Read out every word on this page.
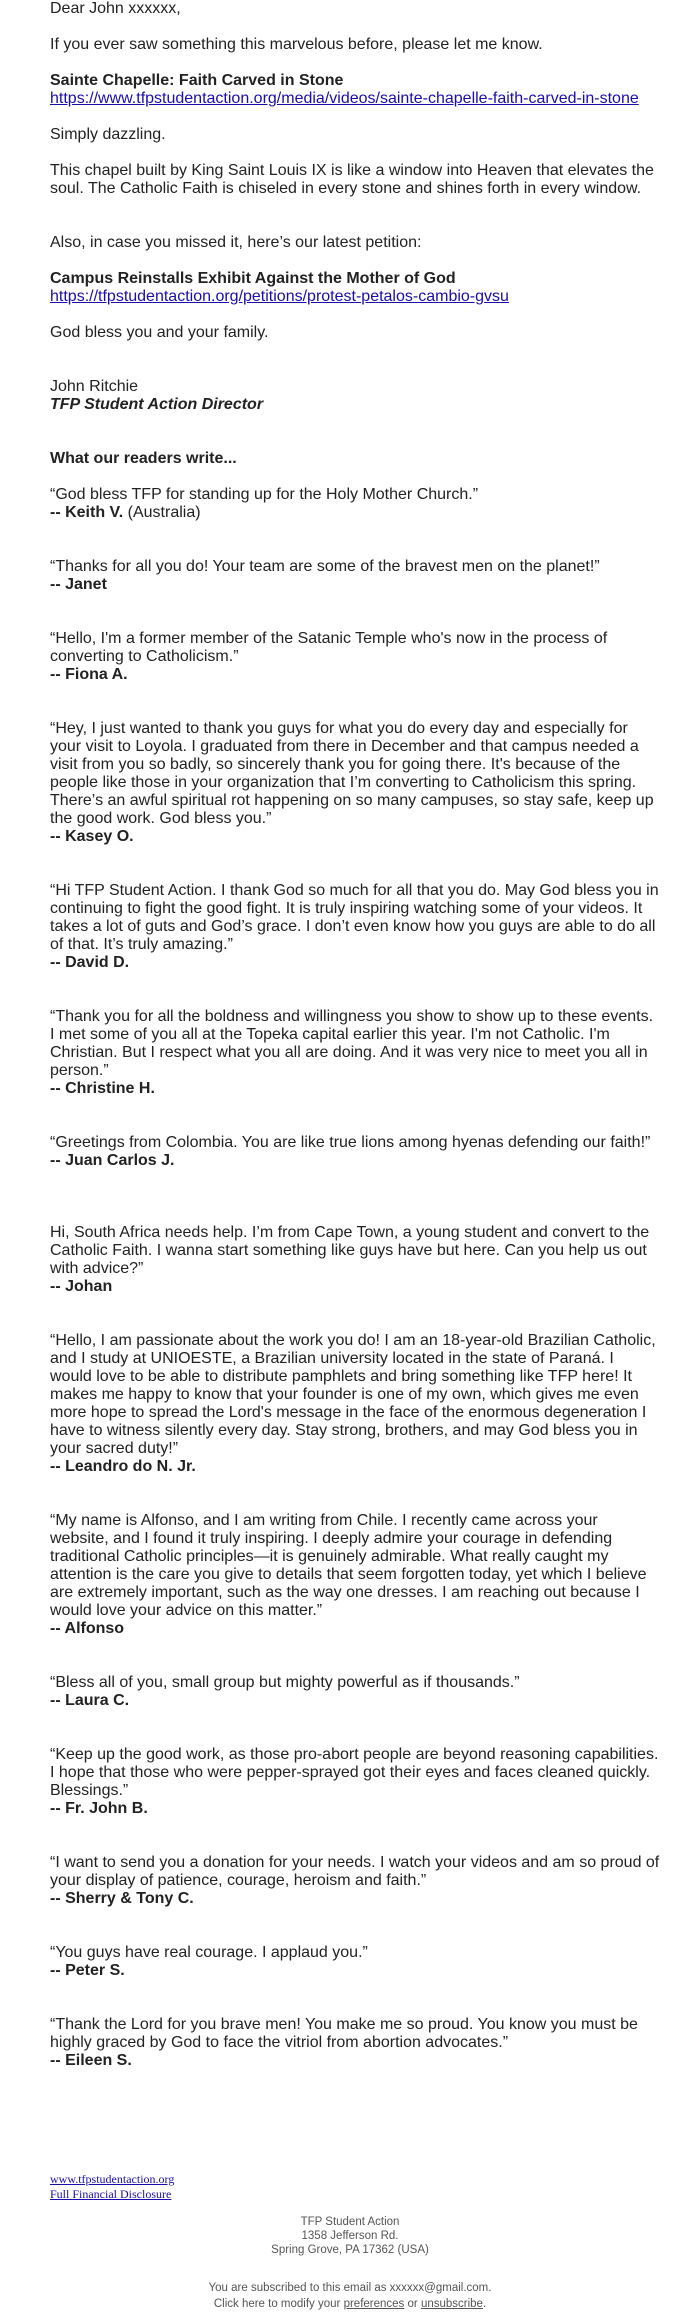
Dear John xxxxxx,

If you ever saw something this marvelous before, please let me know.

Sainte Chapelle: Faith Carved in Stone

https://www.tfpstudentaction.org/media/videos/sainte-chapelle-faith-carved-in-stone

Simply dazzling.

This chapel built by King Saint Louis IX is like a window into Heaven that elevates the soul. The Catholic Faith is chiseled in every stone and shines forth in every window.

Also, in case you missed it, here’s our latest petition:

Campus Reinstalls Exhibit Against the Mother of God

https://tfpstudentaction.org/petitions/protest-petalos-cambio-gvsu

God bless you and your family.

John Ritchie

TFP Student Action Director

What our readers write...

“God bless TFP for standing up for the Holy Mother Church.”

-- Keith V. (Australia)

“Thanks for all you do! Your team are some of the bravest men on the planet!”

-- Janet

“Hello, I'm a former member of the Satanic Temple who's now in the process of converting to Catholicism.”

-- Fiona A.

“Hey, I just wanted to thank you guys for what you do every day and especially for your visit to Loyola. I graduated from there in December and that campus needed a visit from you so badly, so sincerely thank you for going there. It's because of the people like those in your organization that I’m converting to Catholicism this spring. There’s an awful spiritual rot happening on so many campuses, so stay safe, keep up the good work. God bless you.”

-- Kasey O.

“Hi TFP Student Action. I thank God so much for all that you do. May God bless you in continuing to fight the good fight. It is truly inspiring watching some of your videos. It takes a lot of guts and God’s grace. I don’t even know how you guys are able to do all of that. It’s truly amazing.”

-- David D.

“Thank you for all the boldness and willingness you show to show up to these events. I met some of you all at the Topeka capital earlier this year. I'm not Catholic. I'm Christian. But I respect what you all are doing. And it was very nice to meet you all in person.”

-- Christine H.

“Greetings from Colombia. You are like true lions among hyenas defending our faith!”

-- Juan Carlos J.

Hi, South Africa needs help. I’m from Cape Town, a young student and convert to the Catholic Faith. I wanna start something like guys have but here. Can you help us out with advice?”

-- Johan

“Hello, I am passionate about the work you do! I am an 18-year-old Brazilian Catholic, and I study at UNIOESTE, a Brazilian university located in the state of Paraná. I would love to be able to distribute pamphlets and bring something like TFP here! It makes me happy to know that your founder is one of my own, which gives me even more hope to spread the Lord's message in the face of the enormous degeneration I have to witness silently every day. Stay strong, brothers, and may God bless you in your sacred duty!”

-- Leandro do N. Jr.

“My name is Alfonso, and I am writing from Chile. I recently came across your website, and I found it truly inspiring. I deeply admire your courage in defending traditional Catholic principles—it is genuinely admirable. What really caught my attention is the care you give to details that seem forgotten today, yet which I believe are extremely important, such as the way one dresses. I am reaching out because I would love your advice on this matter.”

-- Alfonso

“Bless all of you, small group but mighty powerful as if thousands.”

-- Laura C.

“Keep up the good work, as those pro-abort people are beyond reasoning capabilities. I hope that those who were pepper-sprayed got their eyes and faces cleaned quickly. Blessings.”

-- Fr. John B.

“I want to send you a donation for your needs. I watch your videos and am so proud of your display of patience, courage, heroism and faith.”

-- Sherry & Tony C.

“You guys have real courage. I applaud you.”

-- Peter S.

“Thank the Lord for you brave men! You make me so proud. You know you must be highly graced by God to face the vitriol from abortion advocates.”

-- Eileen S.

www.tfpstudentaction.org
Full Financial Disclosure
TFP Student Action
1358 Jefferson Rd.
Spring Grove, PA 17362 (USA)
You are subscribed to this email as xxxxxx@gmail.com.
Click here to modify your preferences or unsubscribe.
